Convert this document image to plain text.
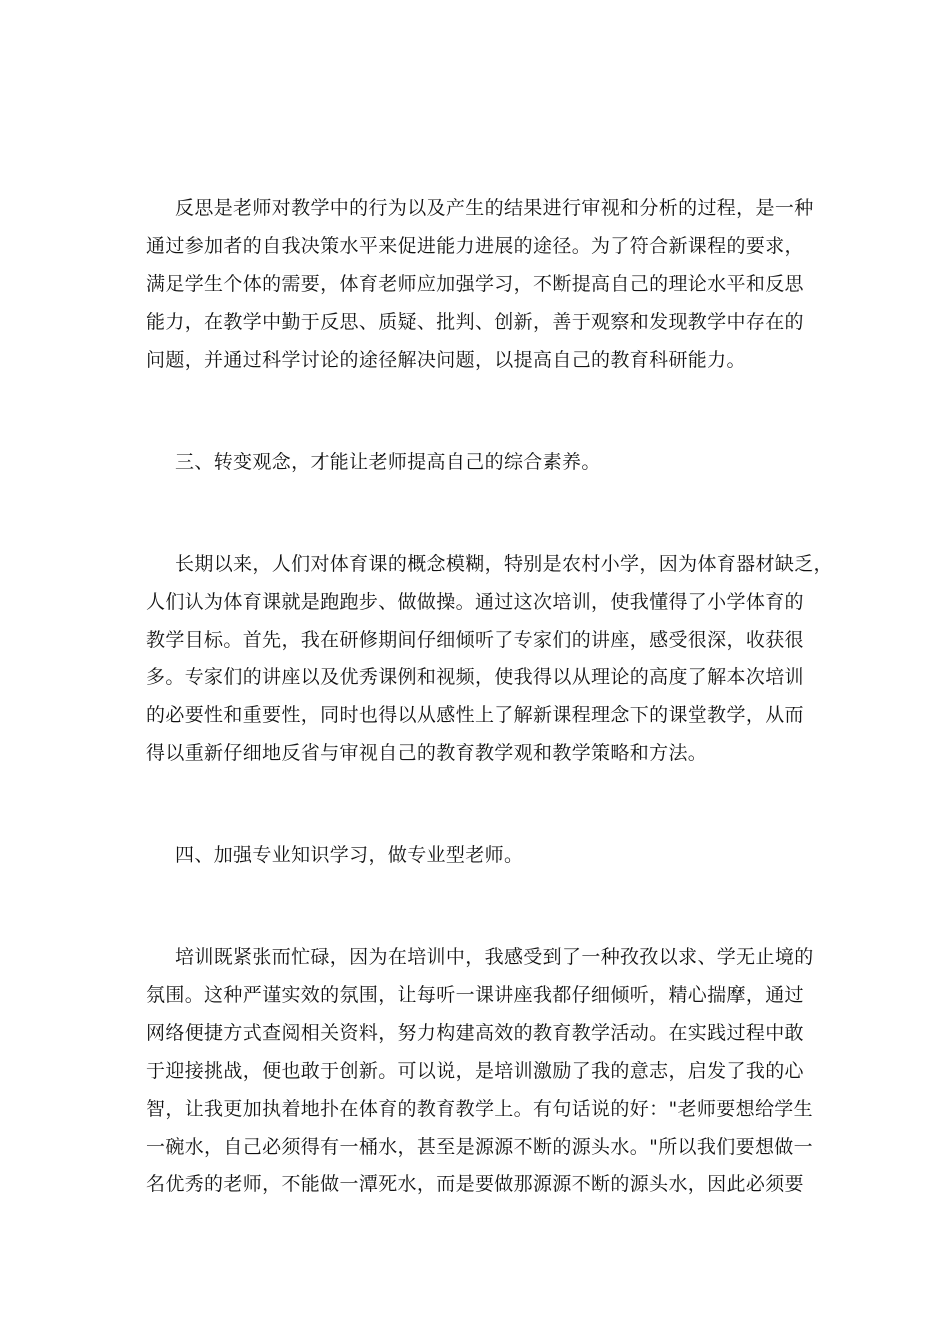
反思是老师对教学中的行为以及产生的结果进行审视和分析的过程，是一种

通过参加者的自我决策水平来促进能力进展的途径。为了符合新课程的要求，

满足学生个体的需要，体育老师应加强学习，不断提高自己的理论水平和反思

能力，在教学中勤于反思、质疑、批判、创新，善于观察和发现教学中存在的

问题，并通过科学讨论的途径解决问题，以提高自己的教育科研能力。

三、转变观念，才能让老师提高自己的综合素养。

长期以来，人们对体育课的概念模糊，特别是农村小学，因为体育器材缺乏，

人们认为体育课就是跑跑步、做做操。通过这次培训，使我懂得了小学体育的

教学目标。首先，我在研修期间仔细倾听了专家们的讲座，感受很深，收获很

多。专家们的讲座以及优秀课例和视频，使我得以从理论的高度了解本次培训

的必要性和重要性，同时也得以从感性上了解新课程理念下的课堂教学，从而

得以重新仔细地反省与审视自己的教育教学观和教学策略和方法。

四、加强专业知识学习，做专业型老师。

培训既紧张而忙碌，因为在培训中，我感受到了一种孜孜以求、学无止境的

氛围。这种严谨实效的氛围，让每听一课讲座我都仔细倾听，精心揣摩，通过

网络便捷方式查阅相关资料，努力构建高效的教育教学活动。在实践过程中敢

于迎接挑战，便也敢于创新。可以说，是培训激励了我的意志，启发了我的心

智，让我更加执着地扑在体育的教育教学上。有句话说的好："老师要想给学生

一碗水，自己必须得有一桶水，甚至是源源不断的源头水。"所以我们要想做一

名优秀的老师，不能做一潭死水，而是要做那源源不断的源头水，因此必须要
